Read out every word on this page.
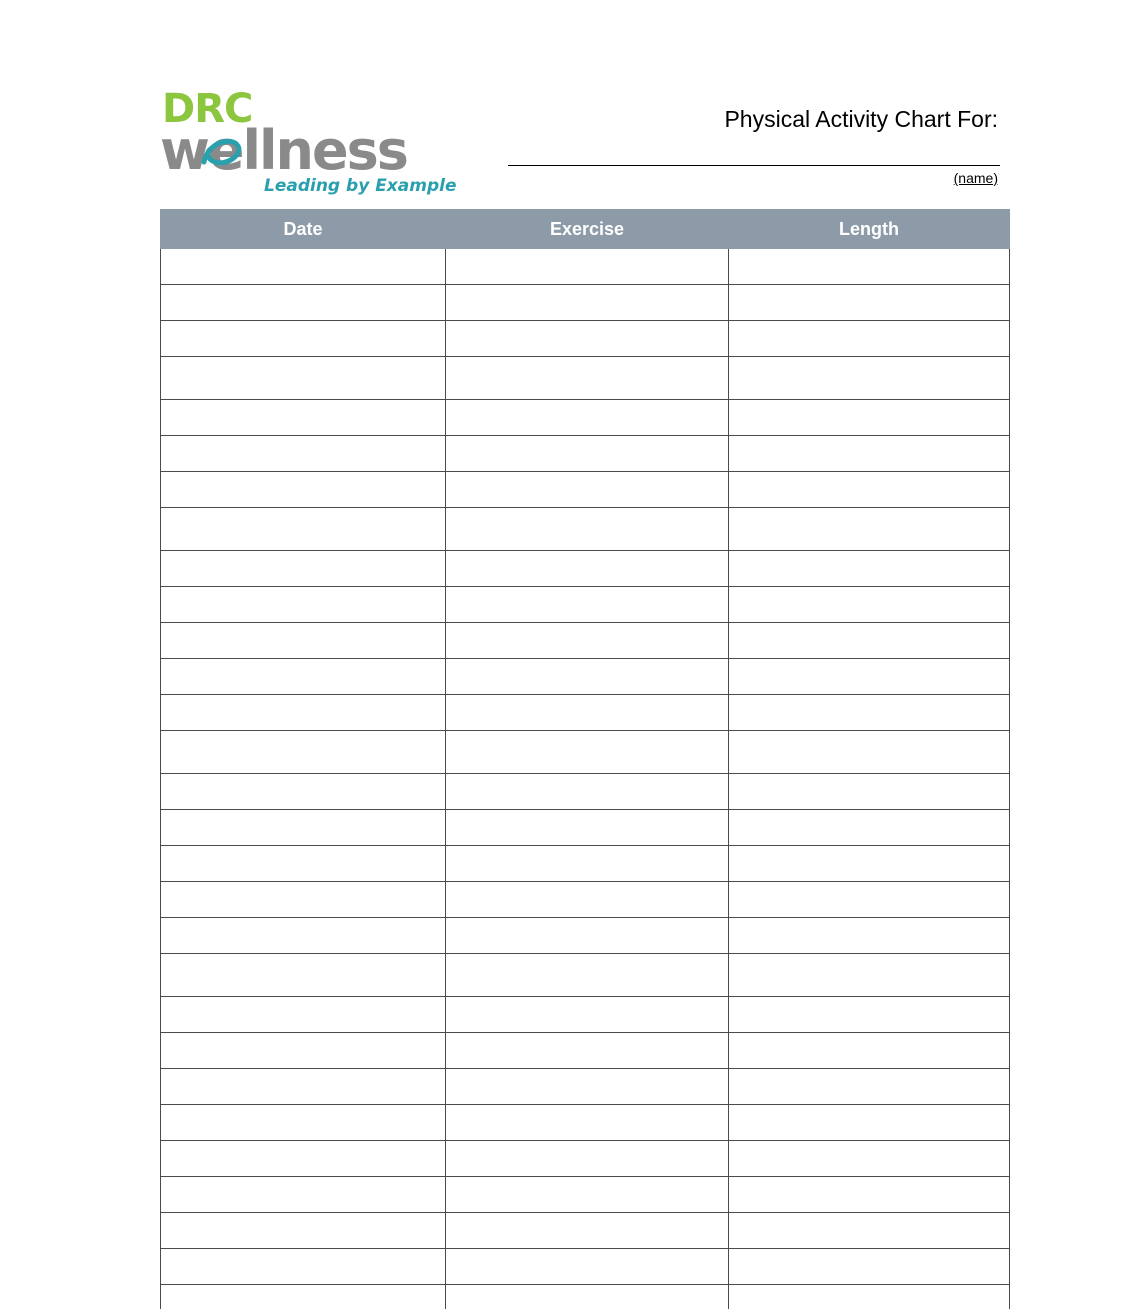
DRC
wellness
Leading by Example
Physical Activity Chart For:
(name)
Date	Exercise	Length
